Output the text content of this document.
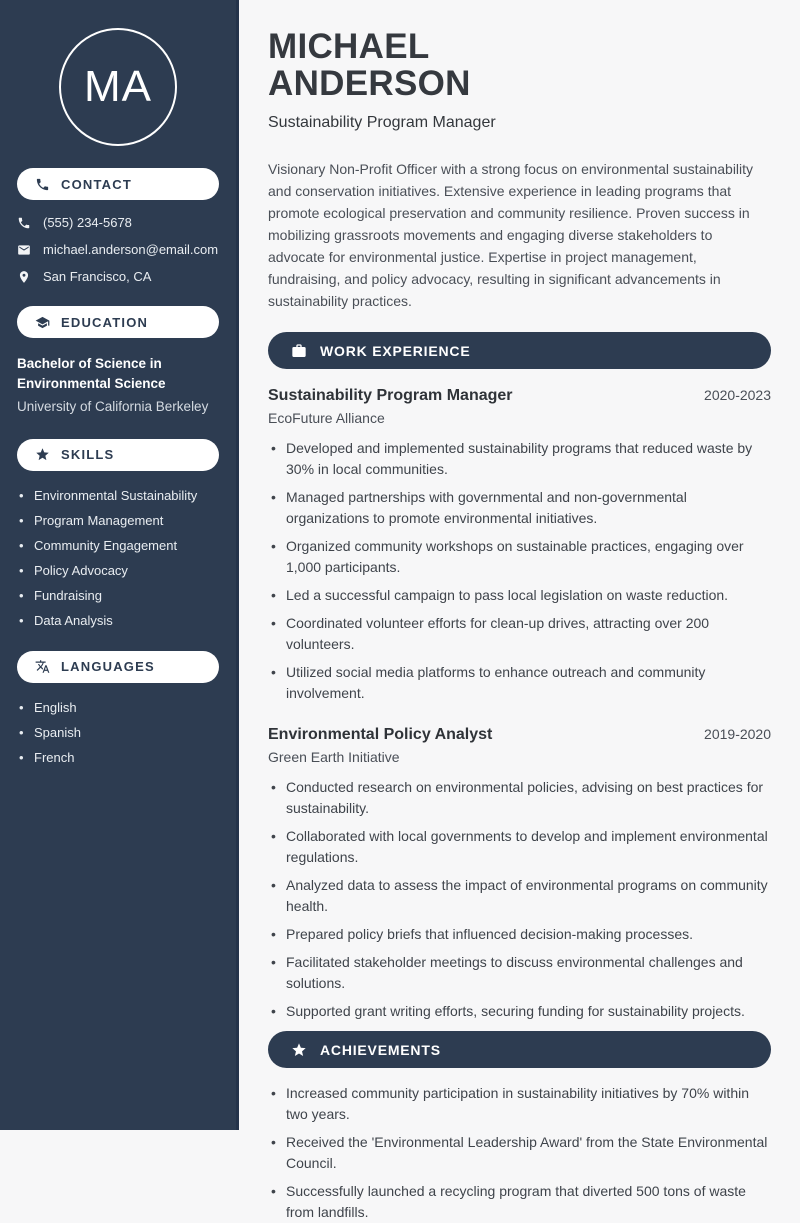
MA
CONTACT
(555) 234-5678
michael.anderson@email.com
San Francisco, CA
EDUCATION
Bachelor of Science in Environmental Science
University of California Berkeley
SKILLS
• Environmental Sustainability
• Program Management
• Community Engagement
• Policy Advocacy
• Fundraising
• Data Analysis
LANGUAGES
• English
• Spanish
• French
MICHAEL
ANDERSON
Sustainability Program Manager

Visionary Non-Profit Officer with a strong focus on environmental sustainability and conservation initiatives. Extensive experience in leading programs that promote ecological preservation and community resilience. Proven success in mobilizing grassroots movements and engaging diverse stakeholders to advocate for environmental justice. Expertise in project management, fundraising, and policy advocacy, resulting in significant advancements in sustainability practices.

WORK EXPERIENCE
Sustainability Program Manager	2020-2023
EcoFuture Alliance
• Developed and implemented sustainability programs that reduced waste by 30% in local communities.
• Managed partnerships with governmental and non-governmental organizations to promote environmental initiatives.
• Organized community workshops on sustainable practices, engaging over 1,000 participants.
• Led a successful campaign to pass local legislation on waste reduction.
• Coordinated volunteer efforts for clean-up drives, attracting over 200 volunteers.
• Utilized social media platforms to enhance outreach and community involvement.
Environmental Policy Analyst	2019-2020
Green Earth Initiative
• Conducted research on environmental policies, advising on best practices for sustainability.
• Collaborated with local governments to develop and implement environmental regulations.
• Analyzed data to assess the impact of environmental programs on community health.
• Prepared policy briefs that influenced decision-making processes.
• Facilitated stakeholder meetings to discuss environmental challenges and solutions.
• Supported grant writing efforts, securing funding for sustainability projects.
ACHIEVEMENTS
• Increased community participation in sustainability initiatives by 70% within two years.
• Received the 'Environmental Leadership Award' from the State Environmental Council.
• Successfully launched a recycling program that diverted 500 tons of waste from landfills.
